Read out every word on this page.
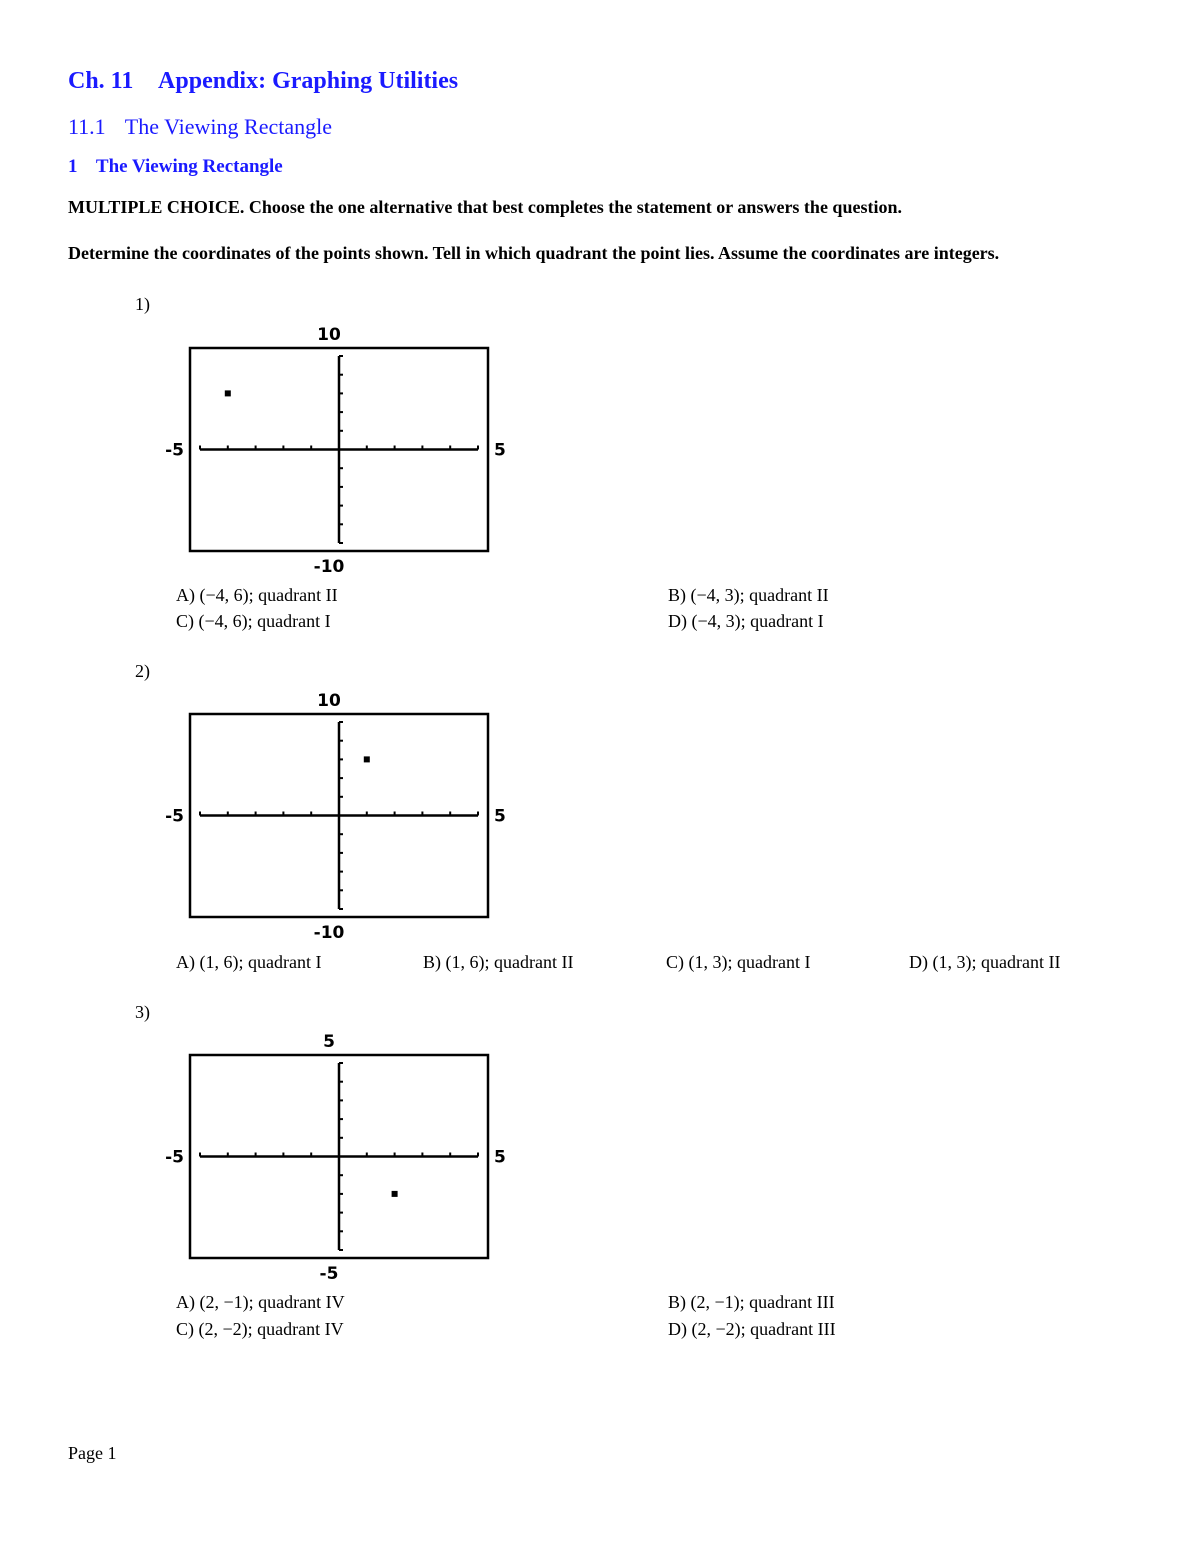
Ch. 11 Appendix: Graphing Utilities
11.1 The Viewing Rectangle
1 The Viewing Rectangle
MULTIPLE CHOICE. Choose the one alternative that best completes the statement or answers the question.
Determine the coordinates of the points shown. Tell in which quadrant the point lies. Assume the coordinates are integers.
1)
10
-10
-5	5
A) (−4, 6); quadrant II	B) (−4, 3); quadrant II
C) (−4, 6); quadrant I	D) (−4, 3); quadrant I
2)
10
-10
-5	5
A) (1, 6); quadrant I	B) (1, 6); quadrant II	C) (1, 3); quadrant I	D) (1, 3); quadrant II
3)
5
-5
-5	5
A) (2, −1); quadrant IV	B) (2, −1); quadrant III
C) (2, −2); quadrant IV	D) (2, −2); quadrant III
Page 1
